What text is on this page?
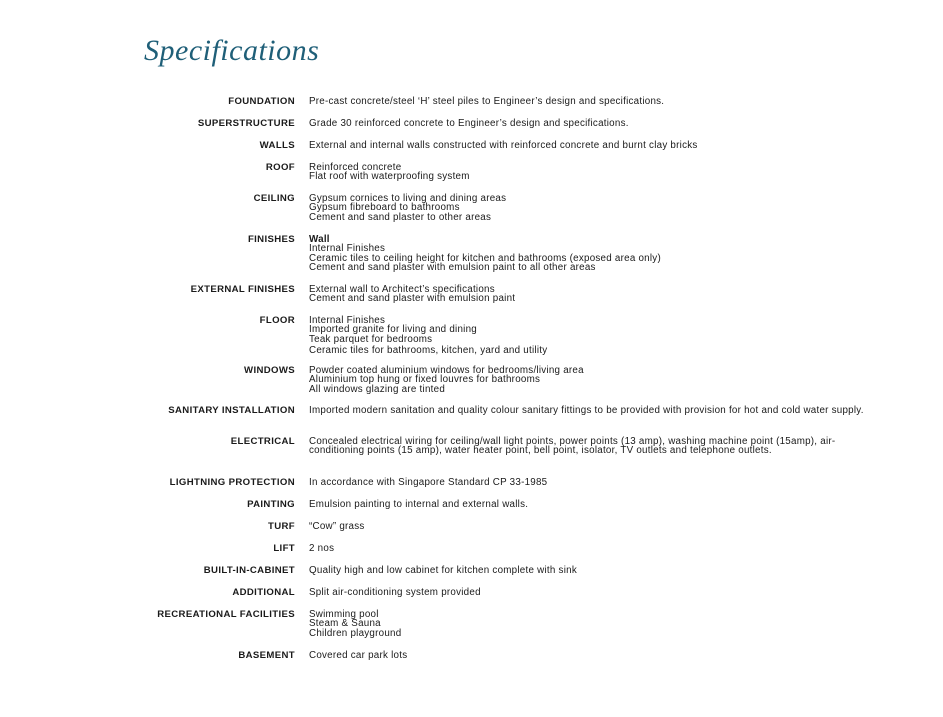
Specifications
FOUNDATION Pre-cast concrete/steel ‘H’ steel piles to Engineer’s design and specifications.
SUPERSTRUCTURE Grade 30 reinforced concrete to Engineer’s design and specifications.
WALLS External and internal walls constructed with reinforced concrete and burnt clay bricks
ROOF Reinforced concrete
Flat roof with waterproofing system
CEILING Gypsum cornices to living and dining areas
Gypsum fibreboard to bathrooms
Cement and sand plaster to other areas
FINISHES Wall
Internal Finishes
Ceramic tiles to ceiling height for kitchen and bathrooms (exposed area only)
Cement and sand plaster with emulsion paint to all other areas
EXTERNAL FINISHES External wall to Architect’s specifications
Cement and sand plaster with emulsion paint
FLOOR Internal Finishes
Imported granite for living and dining
Teak parquet for bedrooms
Ceramic tiles for bathrooms, kitchen, yard and utility
WINDOWS Powder coated aluminium windows for bedrooms/living area
Aluminium top hung or fixed louvres for bathrooms
All windows glazing are tinted
SANITARY INSTALLATION Imported modern sanitation and quality colour sanitary fittings to be provided with provision for hot and cold water supply.
ELECTRICAL Concealed electrical wiring for ceiling/wall light points, power points (13 amp), washing machine point (15amp), air-conditioning points (15 amp), water heater point, bell point, isolator, TV outlets and telephone outlets.
LIGHTNING PROTECTION In accordance with Singapore Standard CP 33-1985
PAINTING Emulsion painting to internal and external walls.
TURF “Cow” grass
LIFT 2 nos
BUILT-IN-CABINET Quality high and low cabinet for kitchen complete with sink
ADDITIONAL Split air-conditioning system provided
RECREATIONAL FACILITIES Swimming pool
Steam & Sauna
Children playground
BASEMENT Covered car park lots
